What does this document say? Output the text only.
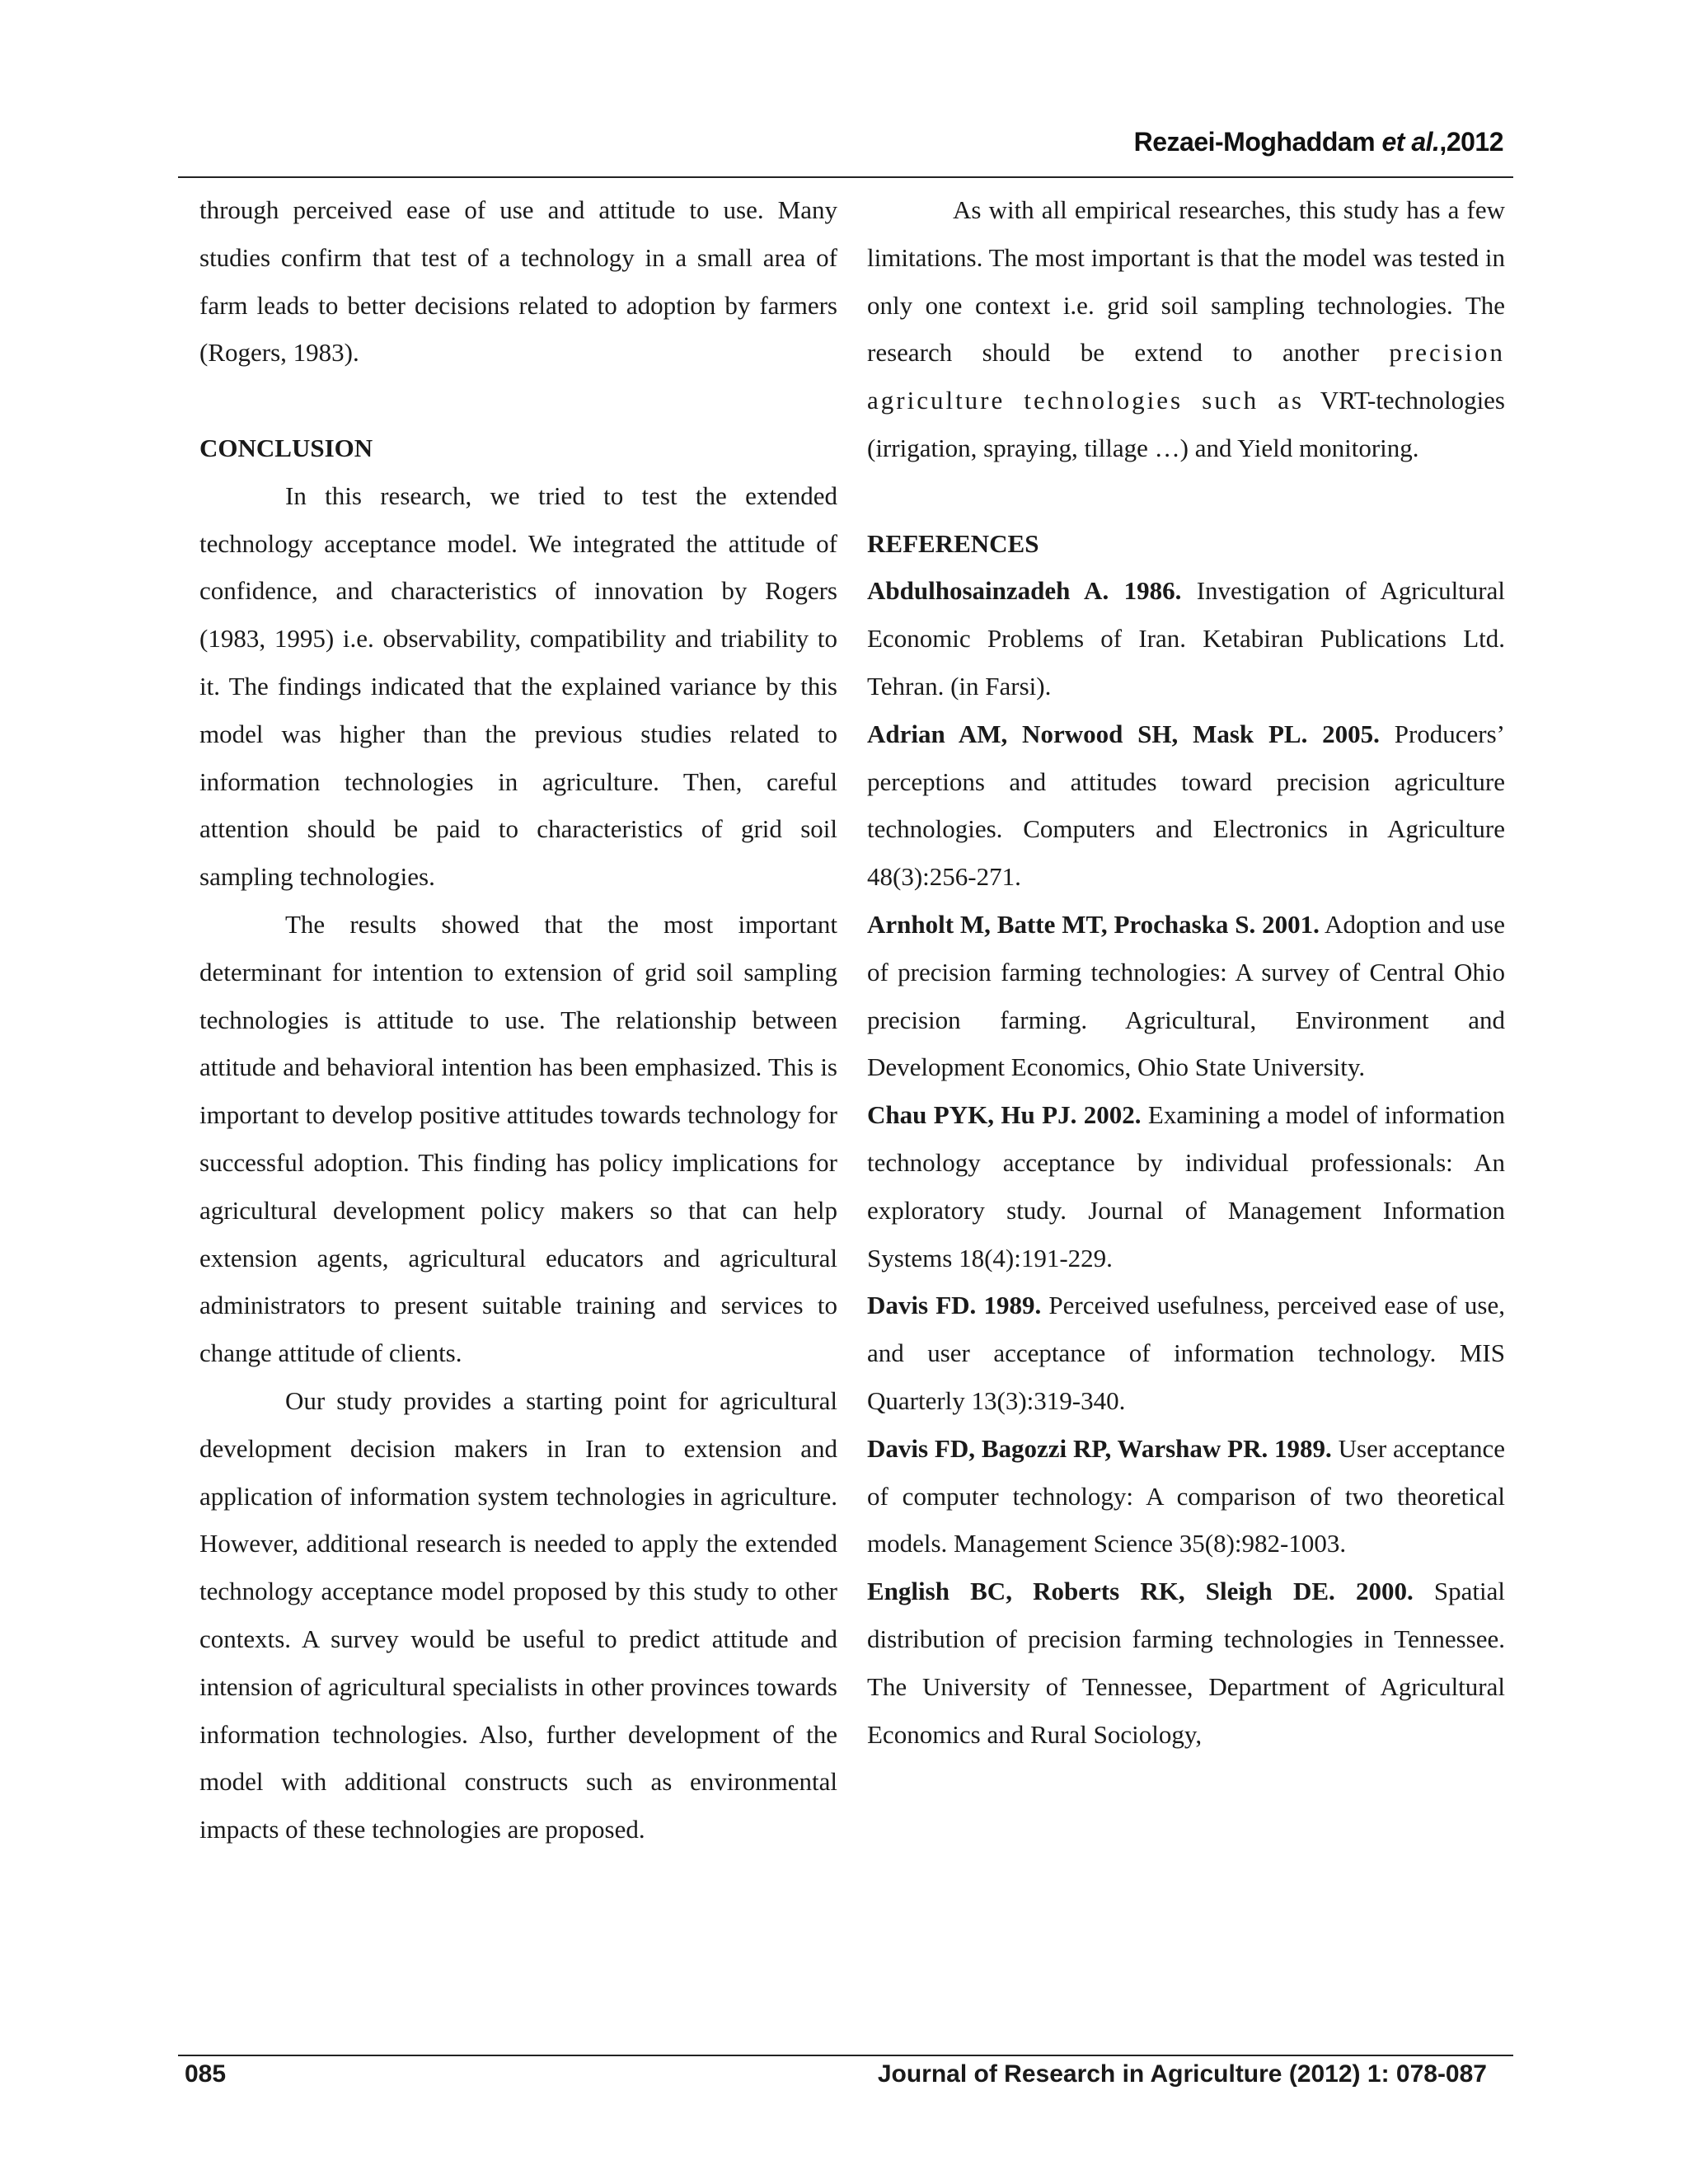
Rezaei-Moghaddam et al.,2012

through perceived ease of use and attitude to use. Many studies confirm that test of a technology in a small area of farm leads to better decisions related to adoption by farmers (Rogers, 1983).

CONCLUSION

In this research, we tried to test the extended technology acceptance model. We integrated the attitude of confidence, and characteristics of innovation by Rogers (1983, 1995) i.e. observability, compatibility and triability to it. The findings indicated that the explained variance by this model was higher than the previous studies related to information technologies in agriculture. Then, careful attention should be paid to characteristics of grid soil sampling technologies.

The results showed that the most important determinant for intention to extension of grid soil sampling technologies is attitude to use. The relationship between attitude and behavioral intention has been emphasized. This is important to develop positive attitudes towards technology for successful adoption. This finding has policy implications for agricultural development policy makers so that can help extension agents, agricultural educators and agricultural administrators to present suitable training and services to change attitude of clients.

Our study provides a starting point for agricultural development decision makers in Iran to extension and application of information system technologies in agriculture. However, additional research is needed to apply the extended technology acceptance model proposed by this study to other contexts. A survey would be useful to predict attitude and intension of agricultural specialists in other provinces towards information technologies. Also, further development of the model with additional constructs such as environmental impacts of these technologies are proposed.

As with all empirical researches, this study has a few limitations. The most important is that the model was tested in only one context i.e. grid soil sampling technologies. The research should be extend to another precision agriculture technologies such as VRT-technologies (irrigation, spraying, tillage …) and Yield monitoring.

REFERENCES

Abdulhosainzadeh A. 1986. Investigation of Agricultural Economic Problems of Iran. Ketabiran Publications Ltd. Tehran. (in Farsi).

Adrian AM, Norwood SH, Mask PL. 2005. Producers’ perceptions and attitudes toward precision agriculture technologies. Computers and Electronics in Agriculture 48(3):256-271.

Arnholt M, Batte MT, Prochaska S. 2001. Adoption and use of precision farming technologies: A survey of Central Ohio precision farming. Agricultural, Environment and Development Economics, Ohio State University.

Chau PYK, Hu PJ. 2002. Examining a model of information technology acceptance by individual professionals: An exploratory study. Journal of Management Information Systems 18(4):191-229.

Davis FD. 1989. Perceived usefulness, perceived ease of use, and user acceptance of information technology. MIS Quarterly 13(3):319-340.

Davis FD, Bagozzi RP, Warshaw PR. 1989. User acceptance of computer technology: A comparison of two theoretical models. Management Science 35(8):982-1003.

English BC, Roberts RK, Sleigh DE. 2000. Spatial distribution of precision farming technologies in Tennessee. The University of Tennessee, Department of Agricultural Economics and Rural Sociology,

085	Journal of Research in Agriculture (2012) 1: 078-087
